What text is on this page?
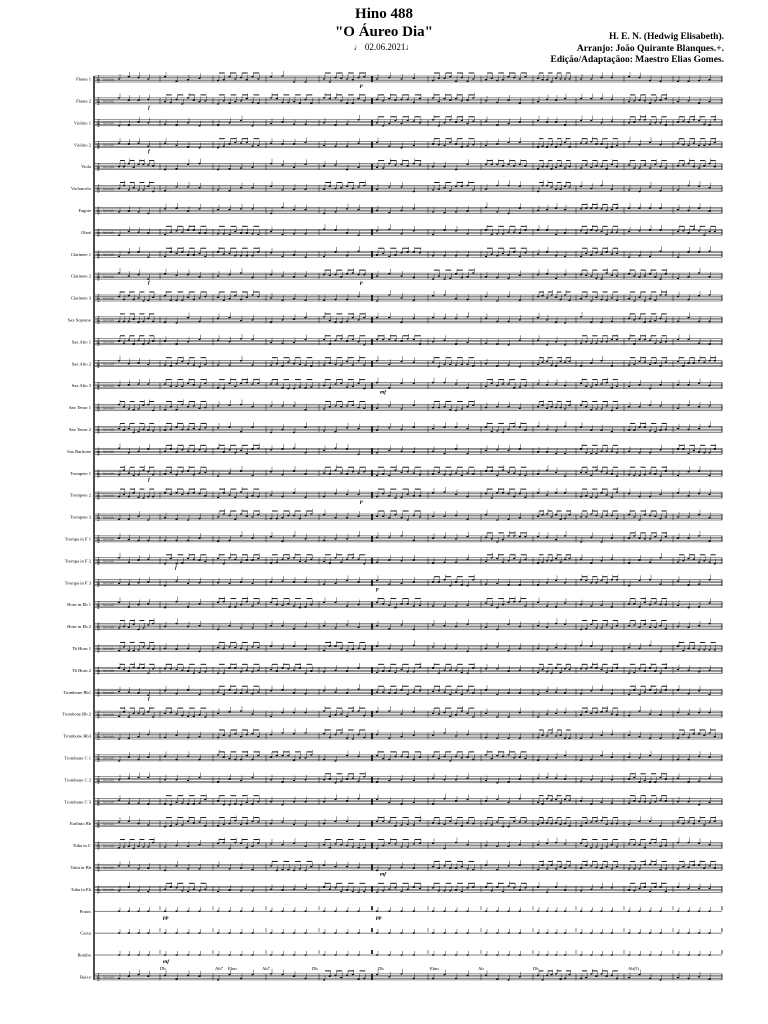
Hino 488
"O Áureo Dia"
♩ 02.06.2021♩
H. E. N. (Hedwig Elisabeth).
Arranjo: João Quirante Blanques.+.
Edição/Adaptaçãoo: Maestro Elias Gomes.
Flauta 1 𝄞 ♭♭♭♭♭
Flauta 2 𝄞 ♭♭♭♭♭
Violino 1 𝄞 ♭♭♭♭♭
Violino 2 𝄞 ♭♭♭♭♭
Viola 𝄞 ♭♭♭♭♭
Violoncelo 𝄞 ♭♭♭♭♭
Fagote 𝄞 ♭♭♭♭♭
Oboé 𝄞 ♭♭♭♭♭
Clarinete 1 𝄞 ♭♭♭♭♭
Clarinete 2 𝄞 ♭♭♭♭♭
Clarinete 3 𝄞 ♭♭♭♭♭
Sax Soprano 𝄞 ♭♭♭♭♭
Sax Alto 1 𝄞 ♭♭♭♭♭
Sax Alto 2 𝄞 ♭♭♭♭♭
Sax Alto 3 𝄞 ♭♭♭♭♭
Sax Tenor 1 𝄞 ♭♭♭♭♭
Sax Tenor 2 𝄞 ♭♭♭♭♭
Sax Barítone 𝄞 ♭♭♭♭♭
Trompete 1 𝄞 ♭♭♭♭♭
Trompete 2 𝄞 ♭♭♭♭♭
Trompete 3 𝄞 ♭♭♭♭♭
Trompa in F 1 𝄞 ♭♭♭♭♭
Trompa in F 2 𝄞 ♭♭♭♭♭
Trompa in F 3 𝄞 ♭♭♭♭♭
Horn in Eb 1 𝄞 ♭♭♭♭♭
Horn in Eb 2 𝄞 ♭♭♭♭♭
Tb Horn 1 𝄞 ♭♭♭♭♭
Tb Horn 2 𝄞 ♭♭♭♭♭
Trombone Bb1 𝄞 ♭♭♭♭♭
Trombone Bb 2 𝄞 ♭♭♭♭♭
Trombone Bb3 𝄞 ♭♭♭♭♭
Trombone C 1 𝄞 ♭♭♭♭♭
Trombone C 2 𝄞 ♭♭♭♭♭
Trombone C 3 𝄞 ♭♭♭♭♭
Eufônio Bb 𝄞 ♭♭♭♭♭
Tuba in C 𝄞 ♭♭♭♭♭
Tuba in Bb 𝄞 ♭♭♭♭♭
Tuba in Eb 𝄞 ♭♭♭♭♭
Pratos
Caixa
Bombo
Baixo 𝄞 ♭♭♭♭♭
f
f
f
f
f
f
p
p
p
p
pp	pp
mf
mf
mf
Db	Ab7 Ebm	Ab7	Db	Db	Ebm	Ab	Db	Ab(5)
